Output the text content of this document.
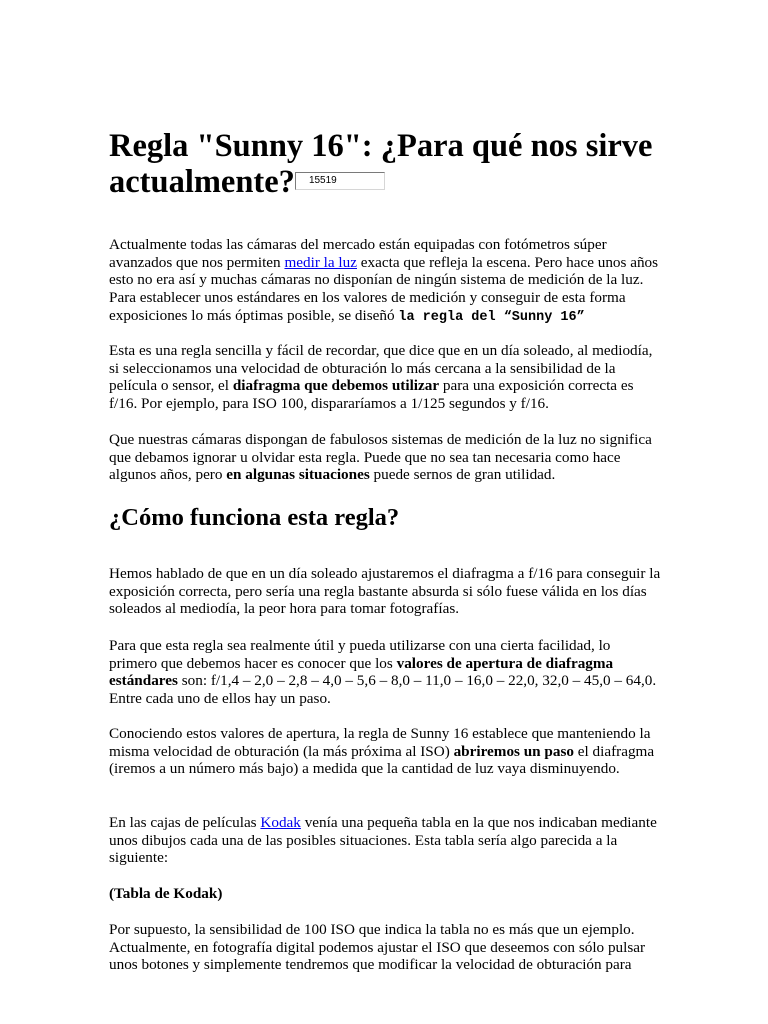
Regla "Sunny 16": ¿Para qué nos sirve actualmente? 15519

Actualmente todas las cámaras del mercado están equipadas con fotómetros súper avanzados que nos permiten medir la luz exacta que refleja la escena. Pero hace unos años esto no era así y muchas cámaras no disponían de ningún sistema de medición de la luz. Para establecer unos estándares en los valores de medición y conseguir de esta forma exposiciones lo más óptimas posible, se diseñó la regla del “Sunny 16”

Esta es una regla sencilla y fácil de recordar, que dice que en un día soleado, al mediodía, si seleccionamos una velocidad de obturación lo más cercana a la sensibilidad de la película o sensor, el diafragma que debemos utilizar para una exposición correcta es f/16. Por ejemplo, para ISO 100, dispararíamos a 1/125 segundos y f/16.

Que nuestras cámaras dispongan de fabulosos sistemas de medición de la luz no significa que debamos ignorar u olvidar esta regla. Puede que no sea tan necesaria como hace algunos años, pero en algunas situaciones puede sernos de gran utilidad.

¿Cómo funciona esta regla?

Hemos hablado de que en un día soleado ajustaremos el diafragma a f/16 para conseguir la exposición correcta, pero sería una regla bastante absurda si sólo fuese válida en los días soleados al mediodía, la peor hora para tomar fotografías.

Para que esta regla sea realmente útil y pueda utilizarse con una cierta facilidad, lo primero que debemos hacer es conocer que los valores de apertura de diafragma estándares son: f/1,4 – 2,0 – 2,8 – 4,0 – 5,6 – 8,0 – 11,0 – 16,0 – 22,0, 32,0 – 45,0 – 64,0. Entre cada uno de ellos hay un paso.

Conociendo estos valores de apertura, la regla de Sunny 16 establece que manteniendo la misma velocidad de obturación (la más próxima al ISO) abriremos un paso el diafragma (iremos a un número más bajo) a medida que la cantidad de luz vaya disminuyendo.

En las cajas de películas Kodak venía una pequeña tabla en la que nos indicaban mediante unos dibujos cada una de las posibles situaciones. Esta tabla sería algo parecida a la siguiente:

(Tabla de Kodak)

Por supuesto, la sensibilidad de 100 ISO que indica la tabla no es más que un ejemplo. Actualmente, en fotografía digital podemos ajustar el ISO que deseemos con sólo pulsar unos botones y simplemente tendremos que modificar la velocidad de obturación para
